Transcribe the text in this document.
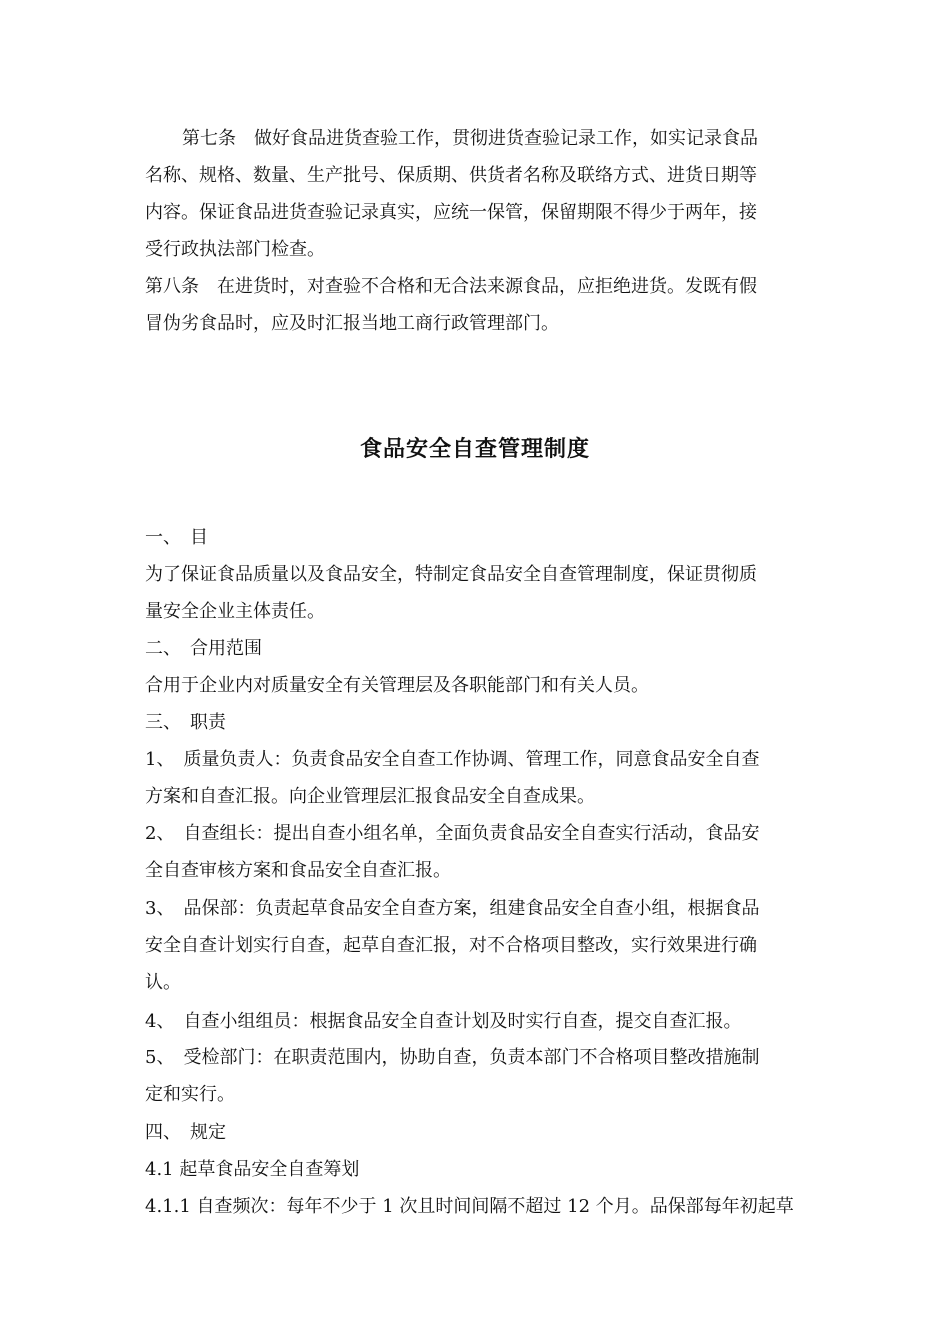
第七条　做好食品进货查验工作，贯彻进货查验记录工作，如实记录食品
名称、规格、数量、生产批号、保质期、供货者名称及联络方式、进货日期等
内容。保证食品进货查验记录真实，应统一保管，保留期限不得少于两年，接
受行政执法部门检查。
第八条　在进货时，对查验不合格和无合法来源食品，应拒绝进货。发既有假
冒伪劣食品时，应及时汇报当地工商行政管理部门。
食品安全自查管理制度
一、　目
为了保证食品质量以及食品安全，特制定食品安全自查管理制度，保证贯彻质
量安全企业主体责任。
二、　合用范围
合用于企业内对质量安全有关管理层及各职能部门和有关人员。
三、　职责
1、　质量负责人：负责食品安全自查工作协调、管理工作，同意食品安全自查
方案和自查汇报。向企业管理层汇报食品安全自查成果。
2、　自查组长：提出自查小组名单，全面负责食品安全自查实行活动，食品安
全自查审核方案和食品安全自查汇报。
3、　品保部：负责起草食品安全自查方案，组建食品安全自查小组，根据食品
安全自查计划实行自查，起草自查汇报，对不合格项目整改，实行效果进行确
认。
4、　自查小组组员：根据食品安全自查计划及时实行自查，提交自查汇报。
5、　受检部门：在职责范围内，协助自查，负责本部门不合格项目整改措施制
定和实行。
四、　规定
4.1 起草食品安全自查筹划
4.1.1 自查频次：每年不少于 1 次且时间间隔不超过 12 个月。品保部每年初起草
